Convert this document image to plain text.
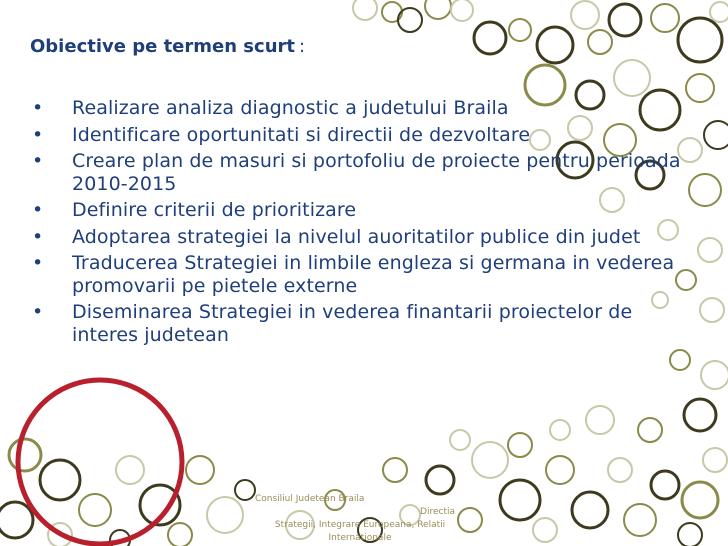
Obiective pe termen scurt :
• Realizare analiza diagnostic a judetului Braila
• Identificare oportunitati si directii de dezvoltare
• Creare plan de masuri si portofoliu de proiecte pentru perioada 2010-2015
• Definire criterii de prioritizare
• Adoptarea strategiei la nivelul auoritatilor publice din judet
• Traducerea Strategiei in limbile engleza si germana in vederea promovarii pe pietele externe
• Diseminarea Strategiei in vederea finantarii proiectelor de interes judetean
Consiliul Judetean Braila
Directia
Strategii, Integrare Europeana, Relatii
Internationale
